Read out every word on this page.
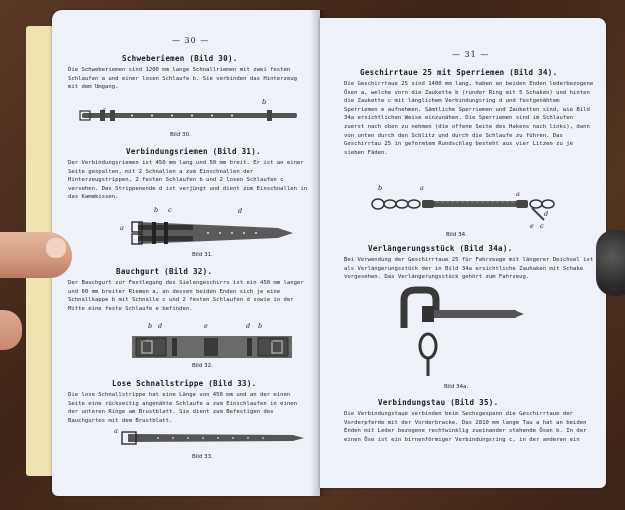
— 30 —
Schweberiemen (Bild 30).
Die Schweberiemen sind 1200 mm lange Schnallriemen mit zwei festen Schlaufen a und einer losen Schlaufe b. Sie verbinden das Hinterzeug mit dem Umgang.
a
b
Bild 30.
Verbindungsriemen (Bild 31).
Der Verbindungsriemen ist 450 mm lang und 50 mm breit. Er ist an einer Seite gespalten, mit 2 Schnallen a zum Einschnallen der Hinterzeugstrippen, 2 festen Schlaufen b und 2 losen Schlaufen c versehen. Das Strippenende d ist verjüngt und dient zum Einschnallen in das Kammkissen.
a
b c	d
Bild 31.
Bauchgurt (Bild 32).
Der Bauchgurt zur Festlegung des Sielengeschirrs ist ein 450 mm langer und 60 mm breiter Riemen a, an dessen beiden Enden sich je eine Schnallkappe b mit Schnalle c und 2 festen Schlaufen d sowie in der Mitte eine feste Schlaufe e befinden.
b d	e	d b
c	c
Bild 32.
Lose Schnallstrippe (Bild 33).
Die lose Schnallstrippe hat eine Länge von 450 mm und an der einen Seite eine rückseitig angenähte Schlaufe a zum Einschlaufen in einen der unteren Ringe am Brustblatt. Sie dient zum Befestigen des Bauchgurtes mit dem Brustblatt.
a
Bild 33.
— 31 —
Geschirrtaue 25 mit Sperriemen (Bild 34).
Die Geschirrtaue 25 sind 1400 mm lang, haben an beiden Enden lederbezogene Ösen a, welche vorn die Zaukette b (runder Ring mit 5 Schaken) und hinten die Zaukette c mit länglichem Verbindungsring d und festgenähtem Sperriemen e aufnehmen. Sämtliche Sperriemen und Zauketten sind, wie Bild 34a ersichtlichen Weise einzunähen. Die Sperriemen sind im Schlaufen zuerst nach oben zu nehmen (die offene Seite des Hakens nach links), dann von unten durch den Schlitz und durch die Schlaufe zu führen. Das Geschirrtau 25 in geformtem Rundschlag besteht aus vier Litzen zu je sieben Fäden.
b	a
a
d
e c
Bild 34.
Verlängerungsstück (Bild 34a).
Bei Verwendung der Geschirrtaue 25 für Fahrzeuge mit längerer Deichsel ist als Verlängerungsstück der in Bild 34a ersichtliche Zauhaken mit Schake vorgesehen. Das Verlängerungsstück gehört zum Fahrzeug.
Bild 34a.
Verbindungstau (Bild 35).
Die Verbindungstaue verbinden beim Sechsgespann die Geschirrtaue der Vorderpferde mit der Vorderbracke. Das 2810 mm lange Tau a hat an beiden Enden mit Leder bezogene rechtwinklig zueinander stehende Ösen b. In der einen Öse ist ein birnenförmiger Verbindungsring c, in der anderen ein
